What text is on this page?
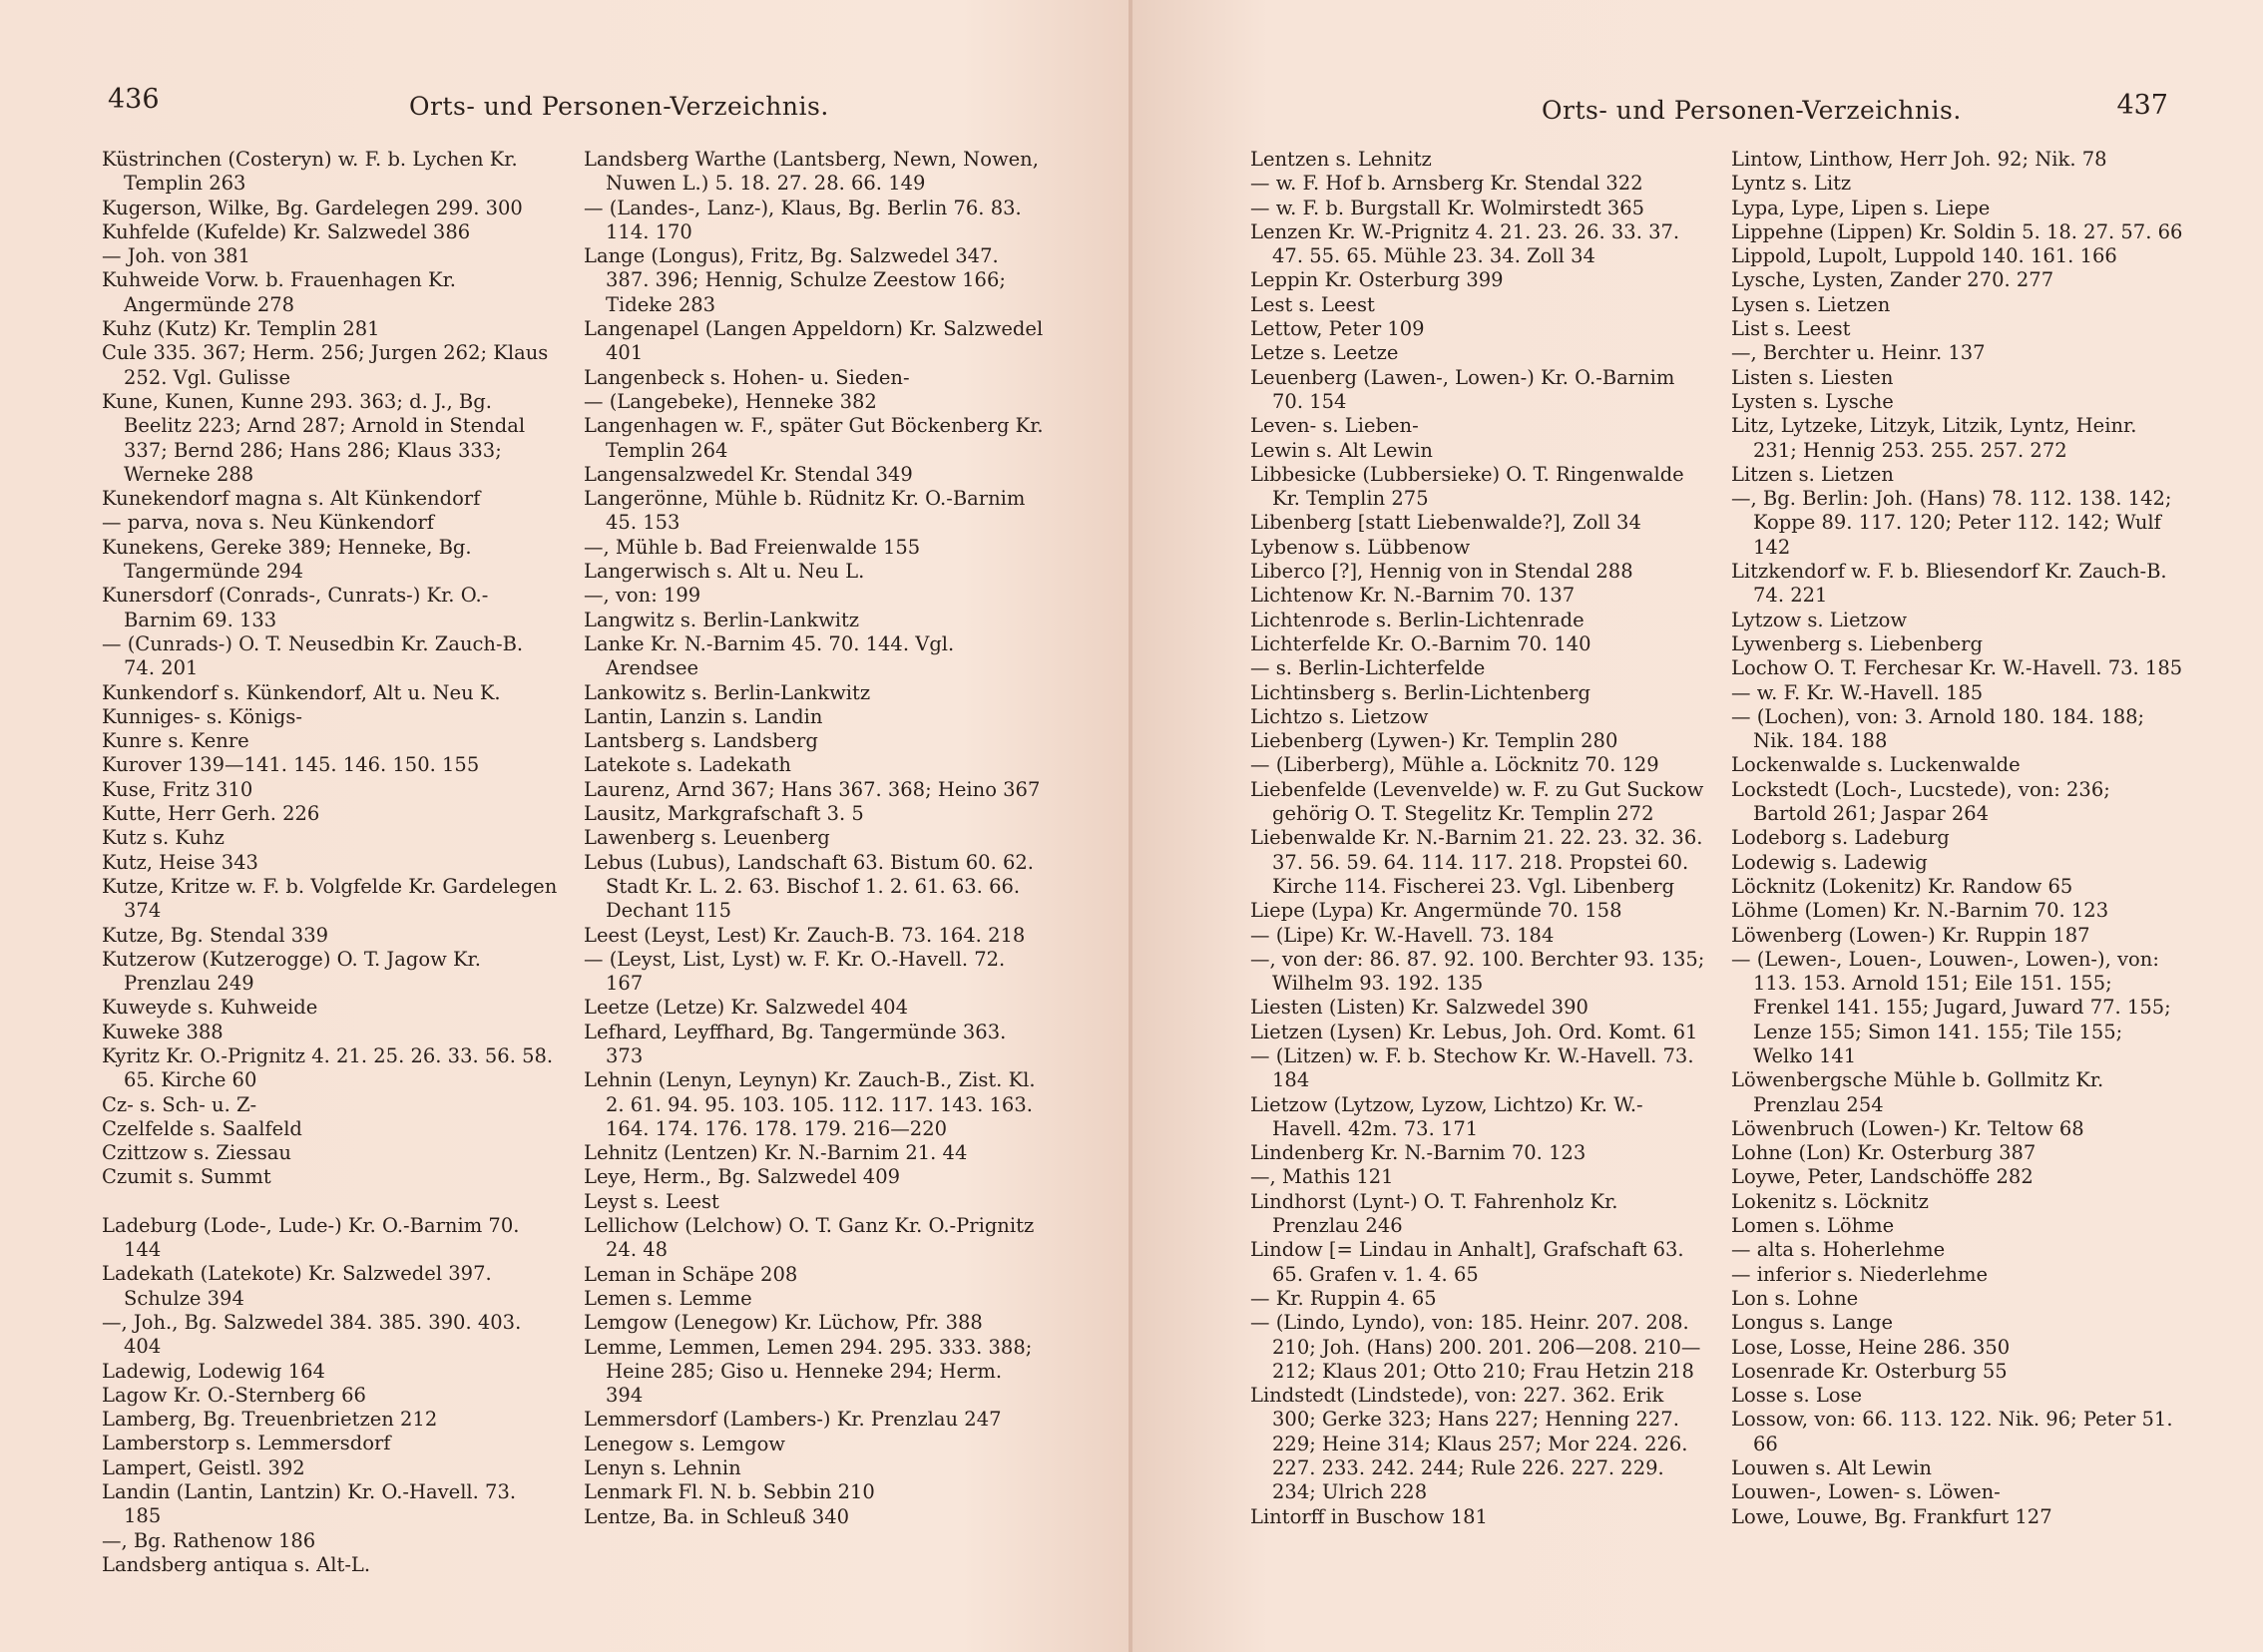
436	Orts- und Personen-Verzeichnis.
Küstrinchen (Costeryn) w. F. b. Lychen Kr. Templin 263
Kugerson, Wilke, Bg. Gardelegen 299. 300
Kuhfelde (Kufelde) Kr. Salzwedel 386
— Joh. von 381
Kuhweide Vorw. b. Frauenhagen Kr. Angermünde 278
Kuhz (Kutz) Kr. Templin 281
Cule 335. 367; Herm. 256; Jurgen 262; Klaus 252. Vgl. Gulisse
Kune, Kunen, Kunne 293. 363; d. J., Bg. Beelitz 223; Arnd 287; Arnold in Stendal 337; Bernd 286; Hans 286; Klaus 333; Werneke 288
Kunekendorf magna s. Alt Künkendorf
— parva, nova s. Neu Künkendorf
Kunekens, Gereke 389; Henneke, Bg. Tangermünde 294
Kunersdorf (Conrads-, Cunrats-) Kr. O.-Barnim 69. 133
— (Cunrads-) O. T. Neusedbin Kr. Zauch-B. 74. 201
Kunkendorf s. Künkendorf, Alt u. Neu K.
Kunniges- s. Königs-
Kunre s. Kenre
Kurover 139—141. 145. 146. 150. 155
Kuse, Fritz 310
Kutte, Herr Gerh. 226
Kutz s. Kuhz
Kutz, Heise 343
Kutze, Kritze w. F. b. Volgfelde Kr. Gardelegen 374
Kutze, Bg. Stendal 339
Kutzerow (Kutzerogge) O. T. Jagow Kr. Prenzlau 249
Kuweyde s. Kuhweide
Kuweke 388
Kyritz Kr. O.-Prignitz 4. 21. 25. 26. 33. 56. 58. 65. Kirche 60
Cz- s. Sch- u. Z-
Czelfelde s. Saalfeld
Czittzow s. Ziessau
Czumit s. Summt
Ladeburg (Lode-, Lude-) Kr. O.-Barnim 70. 144
Ladekath (Latekote) Kr. Salzwedel 397. Schulze 394
—, Joh., Bg. Salzwedel 384. 385. 390. 403. 404
Ladewig, Lodewig 164
Lagow Kr. O.-Sternberg 66
Lamberg, Bg. Treuenbrietzen 212
Lamberstorp s. Lemmersdorf
Lampert, Geistl. 392
Landin (Lantin, Lantzin) Kr. O.-Havell. 73. 185
—, Bg. Rathenow 186
Landsberg antiqua s. Alt-L.
Landsberg Warthe (Lantsberg, Newn, Nowen, Nuwen L.) 5. 18. 27. 28. 66. 149
— (Landes-, Lanz-), Klaus, Bg. Berlin 76. 83. 114. 170
Lange (Longus), Fritz, Bg. Salzwedel 347. 387. 396; Hennig, Schulze Zeestow 166; Tideke 283
Langenapel (Langen Appeldorn) Kr. Salzwedel 401
Langenbeck s. Hohen- u. Sieden-
— (Langebeke), Henneke 382
Langenhagen w. F., später Gut Böckenberg Kr. Templin 264
Langensalzwedel Kr. Stendal 349
Langerönne, Mühle b. Rüdnitz Kr. O.-Barnim 45. 153
—, Mühle b. Bad Freienwalde 155
Langerwisch s. Alt u. Neu L.
—, von: 199
Langwitz s. Berlin-Lankwitz
Lanke Kr. N.-Barnim 45. 70. 144. Vgl. Arendsee
Lankowitz s. Berlin-Lankwitz
Lantin, Lanzin s. Landin
Lantsberg s. Landsberg
Latekote s. Ladekath
Laurenz, Arnd 367; Hans 367. 368; Heino 367
Lausitz, Markgrafschaft 3. 5
Lawenberg s. Leuenberg
Lebus (Lubus), Landschaft 63. Bistum 60. 62. Stadt Kr. L. 2. 63. Bischof 1. 2. 61. 63. 66. Dechant 115
Leest (Leyst, Lest) Kr. Zauch-B. 73. 164. 218
— (Leyst, List, Lyst) w. F. Kr. O.-Havell. 72. 167
Leetze (Letze) Kr. Salzwedel 404
Lefhard, Leyffhard, Bg. Tangermünde 363. 373
Lehnin (Lenyn, Leynyn) Kr. Zauch-B., Zist. Kl. 2. 61. 94. 95. 103. 105. 112. 117. 143. 163. 164. 174. 176. 178. 179. 216—220
Lehnitz (Lentzen) Kr. N.-Barnim 21. 44
Leye, Herm., Bg. Salzwedel 409
Leyst s. Leest
Lellichow (Lelchow) O. T. Ganz Kr. O.-Prignitz 24. 48
Leman in Schäpe 208
Lemen s. Lemme
Lemgow (Lenegow) Kr. Lüchow, Pfr. 388
Lemme, Lemmen, Lemen 294. 295. 333. 388; Heine 285; Giso u. Henneke 294; Herm. 394
Lemmersdorf (Lambers-) Kr. Prenzlau 247
Lenegow s. Lemgow
Lenyn s. Lehnin
Lenmark Fl. N. b. Sebbin 210
Lentze, Ba. in Schleuß 340
Orts- und Personen-Verzeichnis.	437
Lentzen s. Lehnitz
— w. F. Hof b. Arnsberg Kr. Stendal 322
— w. F. b. Burgstall Kr. Wolmirstedt 365
Lenzen Kr. W.-Prignitz 4. 21. 23. 26. 33. 37. 47. 55. 65. Mühle 23. 34. Zoll 34
Leppin Kr. Osterburg 399
Lest s. Leest
Lettow, Peter 109
Letze s. Leetze
Leuenberg (Lawen-, Lowen-) Kr. O.-Barnim 70. 154
Leven- s. Lieben-
Lewin s. Alt Lewin
Libbesicke (Lubbersieke) O. T. Ringenwalde Kr. Templin 275
Libenberg [statt Liebenwalde?], Zoll 34
Lybenow s. Lübbenow
Liberco [?], Hennig von in Stendal 288
Lichtenow Kr. N.-Barnim 70. 137
Lichtenrode s. Berlin-Lichtenrade
Lichterfelde Kr. O.-Barnim 70. 140
— s. Berlin-Lichterfelde
Lichtinsberg s. Berlin-Lichtenberg
Lichtzo s. Lietzow
Liebenberg (Lywen-) Kr. Templin 280
— (Liberberg), Mühle a. Löcknitz 70. 129
Liebenfelde (Levenvelde) w. F. zu Gut Suckow gehörig O. T. Stegelitz Kr. Templin 272
Liebenwalde Kr. N.-Barnim 21. 22. 23. 32. 36. 37. 56. 59. 64. 114. 117. 218. Propstei 60. Kirche 114. Fischerei 23. Vgl. Libenberg
Liepe (Lypa) Kr. Angermünde 70. 158
— (Lipe) Kr. W.-Havell. 73. 184
—, von der: 86. 87. 92. 100. Berchter 93. 135; Wilhelm 93. 192. 135
Liesten (Listen) Kr. Salzwedel 390
Lietzen (Lysen) Kr. Lebus, Joh. Ord. Komt. 61
— (Litzen) w. F. b. Stechow Kr. W.-Havell. 73. 184
Lietzow (Lytzow, Lyzow, Lichtzo) Kr. W.-Havell. 42m. 73. 171
Lindenberg Kr. N.-Barnim 70. 123
—, Mathis 121
Lindhorst (Lynt-) O. T. Fahrenholz Kr. Prenzlau 246
Lindow [= Lindau in Anhalt], Grafschaft 63. 65. Grafen v. 1. 4. 65
— Kr. Ruppin 4. 65
— (Lindo, Lyndo), von: 185. Heinr. 207. 208. 210; Joh. (Hans) 200. 201. 206—208. 210—212; Klaus 201; Otto 210; Frau Hetzin 218
Lindstedt (Lindstede), von: 227. 362. Erik 300; Gerke 323; Hans 227; Henning 227. 229; Heine 314; Klaus 257; Mor 224. 226. 227. 233. 242. 244; Rule 226. 227. 229. 234; Ulrich 228
Lintorff in Buschow 181
Lintow, Linthow, Herr Joh. 92; Nik. 78
Lyntz s. Litz
Lypa, Lype, Lipen s. Liepe
Lippehne (Lippen) Kr. Soldin 5. 18. 27. 57. 66
Lippold, Lupolt, Luppold 140. 161. 166
Lysche, Lysten, Zander 270. 277
Lysen s. Lietzen
List s. Leest
—, Berchter u. Heinr. 137
Listen s. Liesten
Lysten s. Lysche
Litz, Lytzeke, Litzyk, Litzik, Lyntz, Heinr. 231; Hennig 253. 255. 257. 272
Litzen s. Lietzen
—, Bg. Berlin: Joh. (Hans) 78. 112. 138. 142; Koppe 89. 117. 120; Peter 112. 142; Wulf 142
Litzkendorf w. F. b. Bliesendorf Kr. Zauch-B. 74. 221
Lytzow s. Lietzow
Lywenberg s. Liebenberg
Lochow O. T. Ferchesar Kr. W.-Havell. 73. 185
— w. F. Kr. W.-Havell. 185
— (Lochen), von: 3. Arnold 180. 184. 188; Nik. 184. 188
Lockenwalde s. Luckenwalde
Lockstedt (Loch-, Lucstede), von: 236; Bartold 261; Jaspar 264
Lodeborg s. Ladeburg
Lodewig s. Ladewig
Löcknitz (Lokenitz) Kr. Randow 65
Löhme (Lomen) Kr. N.-Barnim 70. 123
Löwenberg (Lowen-) Kr. Ruppin 187
— (Lewen-, Louen-, Louwen-, Lowen-), von: 113. 153. Arnold 151; Eile 151. 155; Frenkel 141. 155; Jugard, Juward 77. 155; Lenze 155; Simon 141. 155; Tile 155; Welko 141
Löwenbergsche Mühle b. Gollmitz Kr. Prenzlau 254
Löwenbruch (Lowen-) Kr. Teltow 68
Lohne (Lon) Kr. Osterburg 387
Loywe, Peter, Landschöffe 282
Lokenitz s. Löcknitz
Lomen s. Löhme
— alta s. Hoherlehme
— inferior s. Niederlehme
Lon s. Lohne
Longus s. Lange
Lose, Losse, Heine 286. 350
Losenrade Kr. Osterburg 55
Losse s. Lose
Lossow, von: 66. 113. 122. Nik. 96; Peter 51. 66
Louwen s. Alt Lewin
Louwen-, Lowen- s. Löwen-
Lowe, Louwe, Bg. Frankfurt 127
